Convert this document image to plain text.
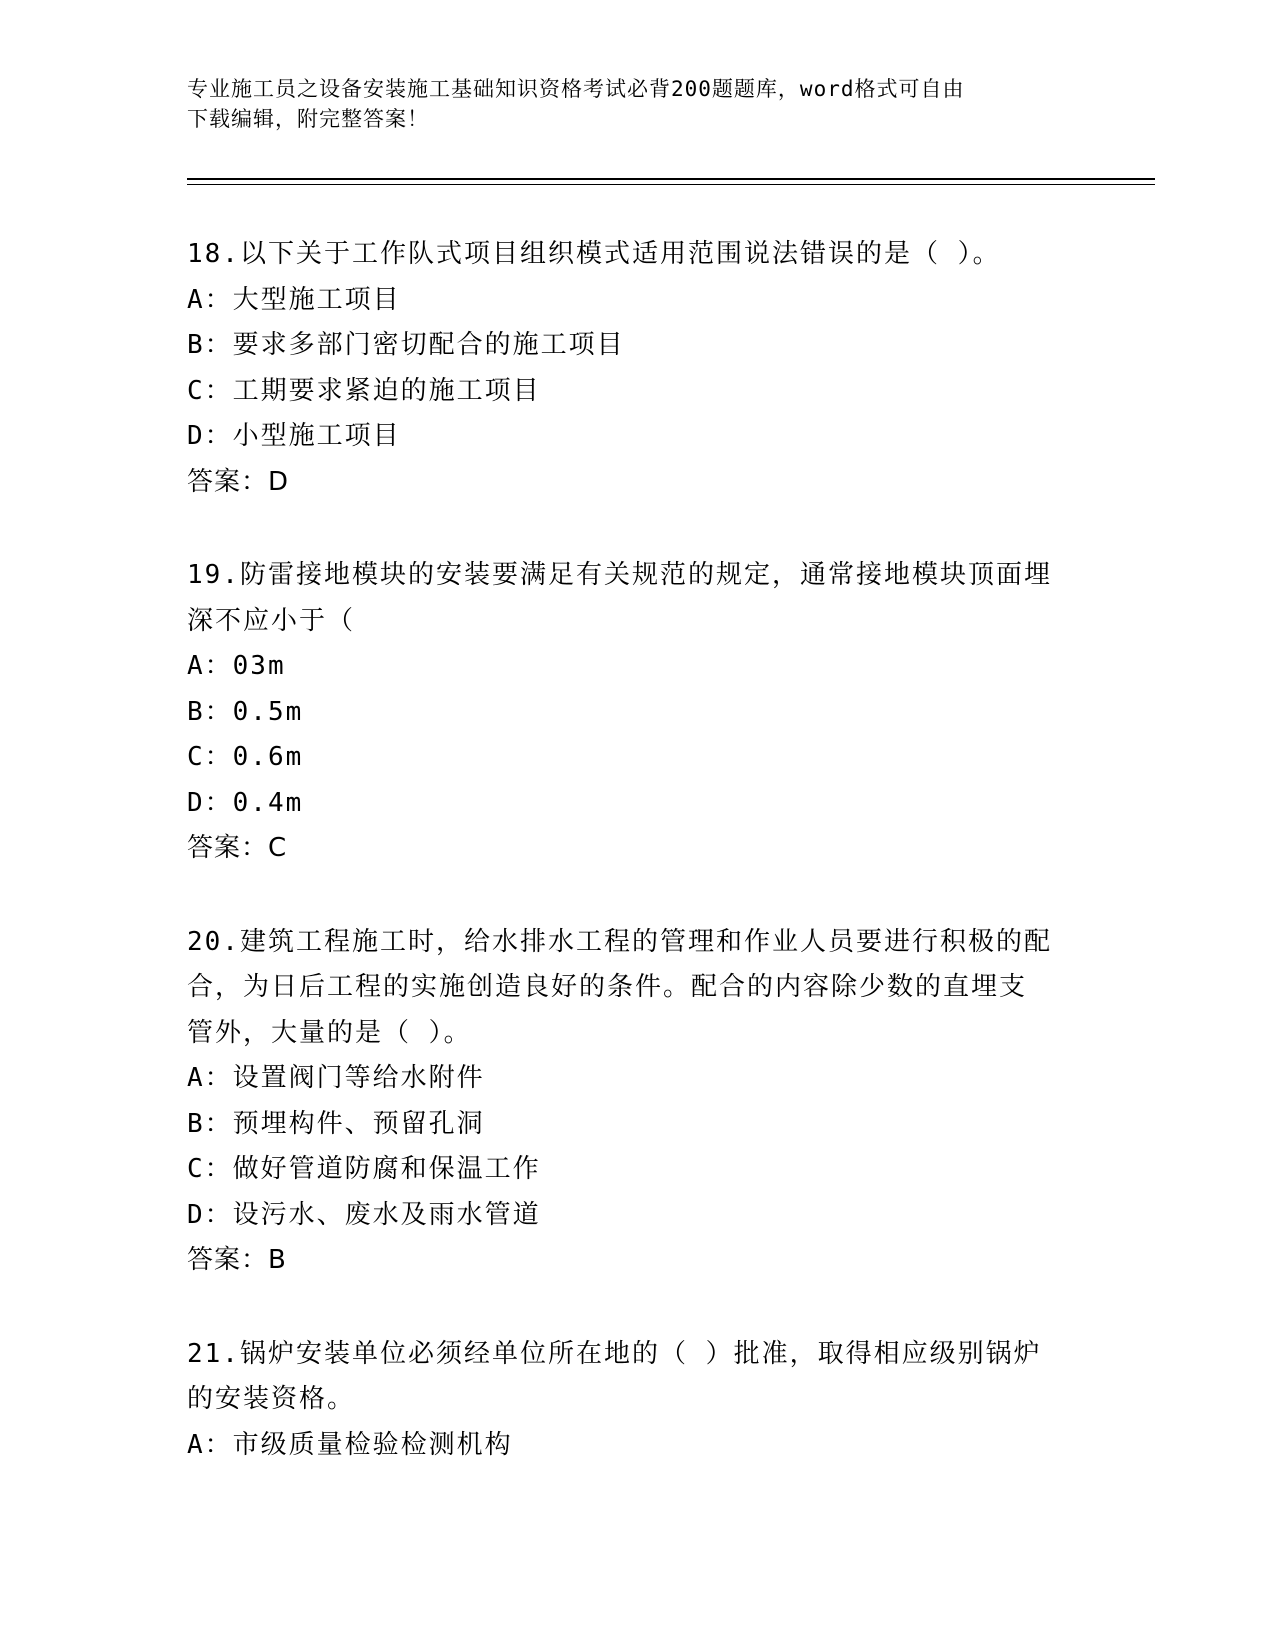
专业施工员之设备安装施工基础知识资格考试必背200题题库，word格式可自由
下载编辑，附完整答案！
18.以下关于工作队式项目组织模式适用范围说法错误的是（ ）。
A：大型施工项目
B：要求多部门密切配合的施工项目
C：工期要求紧迫的施工项目
D：小型施工项目
答案：D
19.防雷接地模块的安装要满足有关规范的规定，通常接地模块顶面埋
深不应小于（
A：03m
B：0.5m
C：0.6m
D：0.4m
答案：C
20.建筑工程施工时，给水排水工程的管理和作业人员要进行积极的配
合，为日后工程的实施创造良好的条件。配合的内容除少数的直埋支
管外，大量的是（ ）。
A：设置阀门等给水附件
B：预埋构件、预留孔洞
C：做好管道防腐和保温工作
D：设污水、废水及雨水管道
答案：B
21.锅炉安装单位必须经单位所在地的（ ）批准，取得相应级别锅炉
的安装资格。
A：市级质量检验检测机构
